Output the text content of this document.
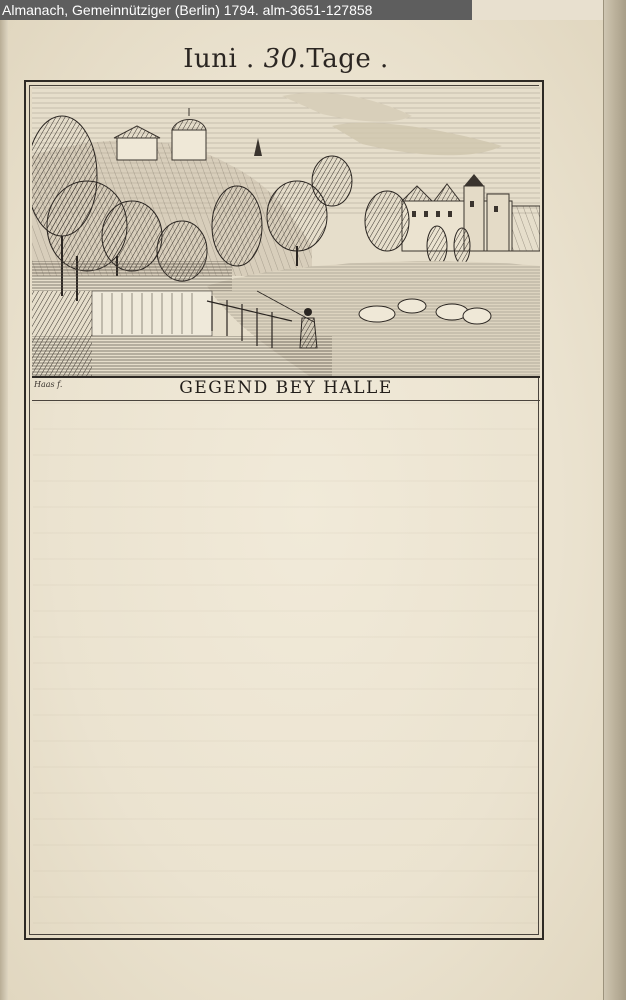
Almanach, Gemeinnütziger (Berlin) 1794. alm-3651-127858
Iuni . 30.Tage .
Haas f.	GEGEND BEY HALLE
